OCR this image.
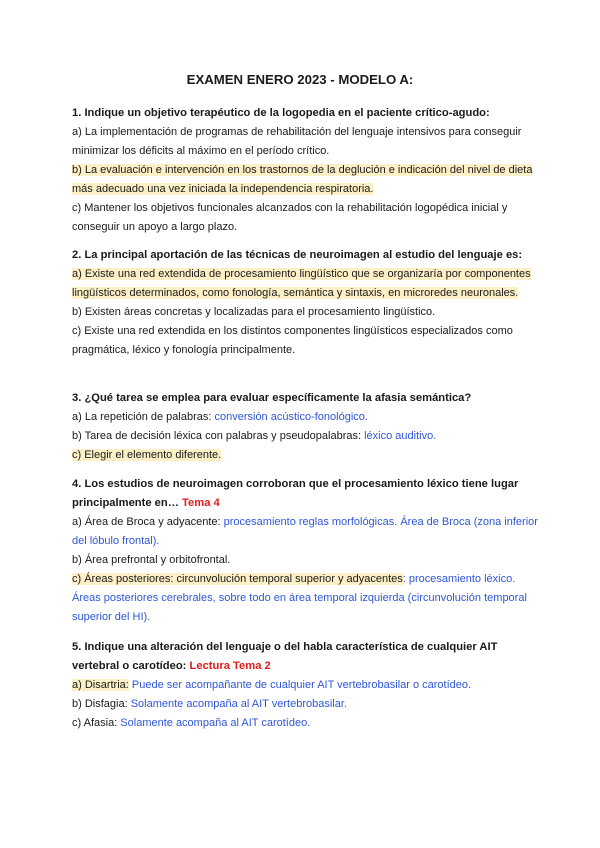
EXAMEN ENERO 2023 - MODELO A:
1. Indique un objetivo terapéutico de la logopedia en el paciente crítico-agudo:
a) La implementación de programas de rehabilitación del lenguaje intensivos para conseguir minimizar los déficits al máximo en el período crítico.
b) La evaluación e intervención en los trastornos de la deglución e indicación del nivel de dieta más adecuado una vez iniciada la independencia respiratoria.
c) Mantener los objetivos funcionales alcanzados con la rehabilitación logopédica inicial y conseguir un apoyo a largo plazo.
2. La principal aportación de las técnicas de neuroimagen al estudio del lenguaje es:
a) Existe una red extendida de procesamiento lingüístico que se organizaría por componentes lingüísticos determinados, como fonología, semántica y sintaxis, en microredes neuronales.
b) Existen áreas concretas y localizadas para el procesamiento lingüístico.
c) Existe una red extendida en los distintos componentes lingüísticos especializados como pragmática, léxico y fonología principalmente.
3. ¿Qué tarea se emplea para evaluar específicamente la afasia semántica?
a) La repetición de palabras: conversión acústico-fonológico.
b) Tarea de decisión léxica con palabras y pseudopalabras: léxico auditivo.
c) Elegir el elemento diferente.
4. Los estudios de neuroimagen corroboran que el procesamiento léxico tiene lugar principalmente en… Tema 4
a) Área de Broca y adyacente: procesamiento reglas morfológicas. Área de Broca (zona inferior del lóbulo frontal).
b) Área prefrontal y orbitofrontal.
c) Áreas posteriores: circunvolución temporal superior y adyacentes: procesamiento léxico. Áreas posteriores cerebrales, sobre todo en área temporal izquierda (circunvolución temporal superior del HI).
5. Indique una alteración del lenguaje o del habla característica de cualquier AIT vertebral o carotídeo: Lectura Tema 2
a) Disartria: Puede ser acompañante de cualquier AIT vertebrobasilar o carotídeo.
b) Disfagia: Solamente acompaña al AIT vertebrobasilar.
c) Afasia: Solamente acompaña al AIT carotídeo.
